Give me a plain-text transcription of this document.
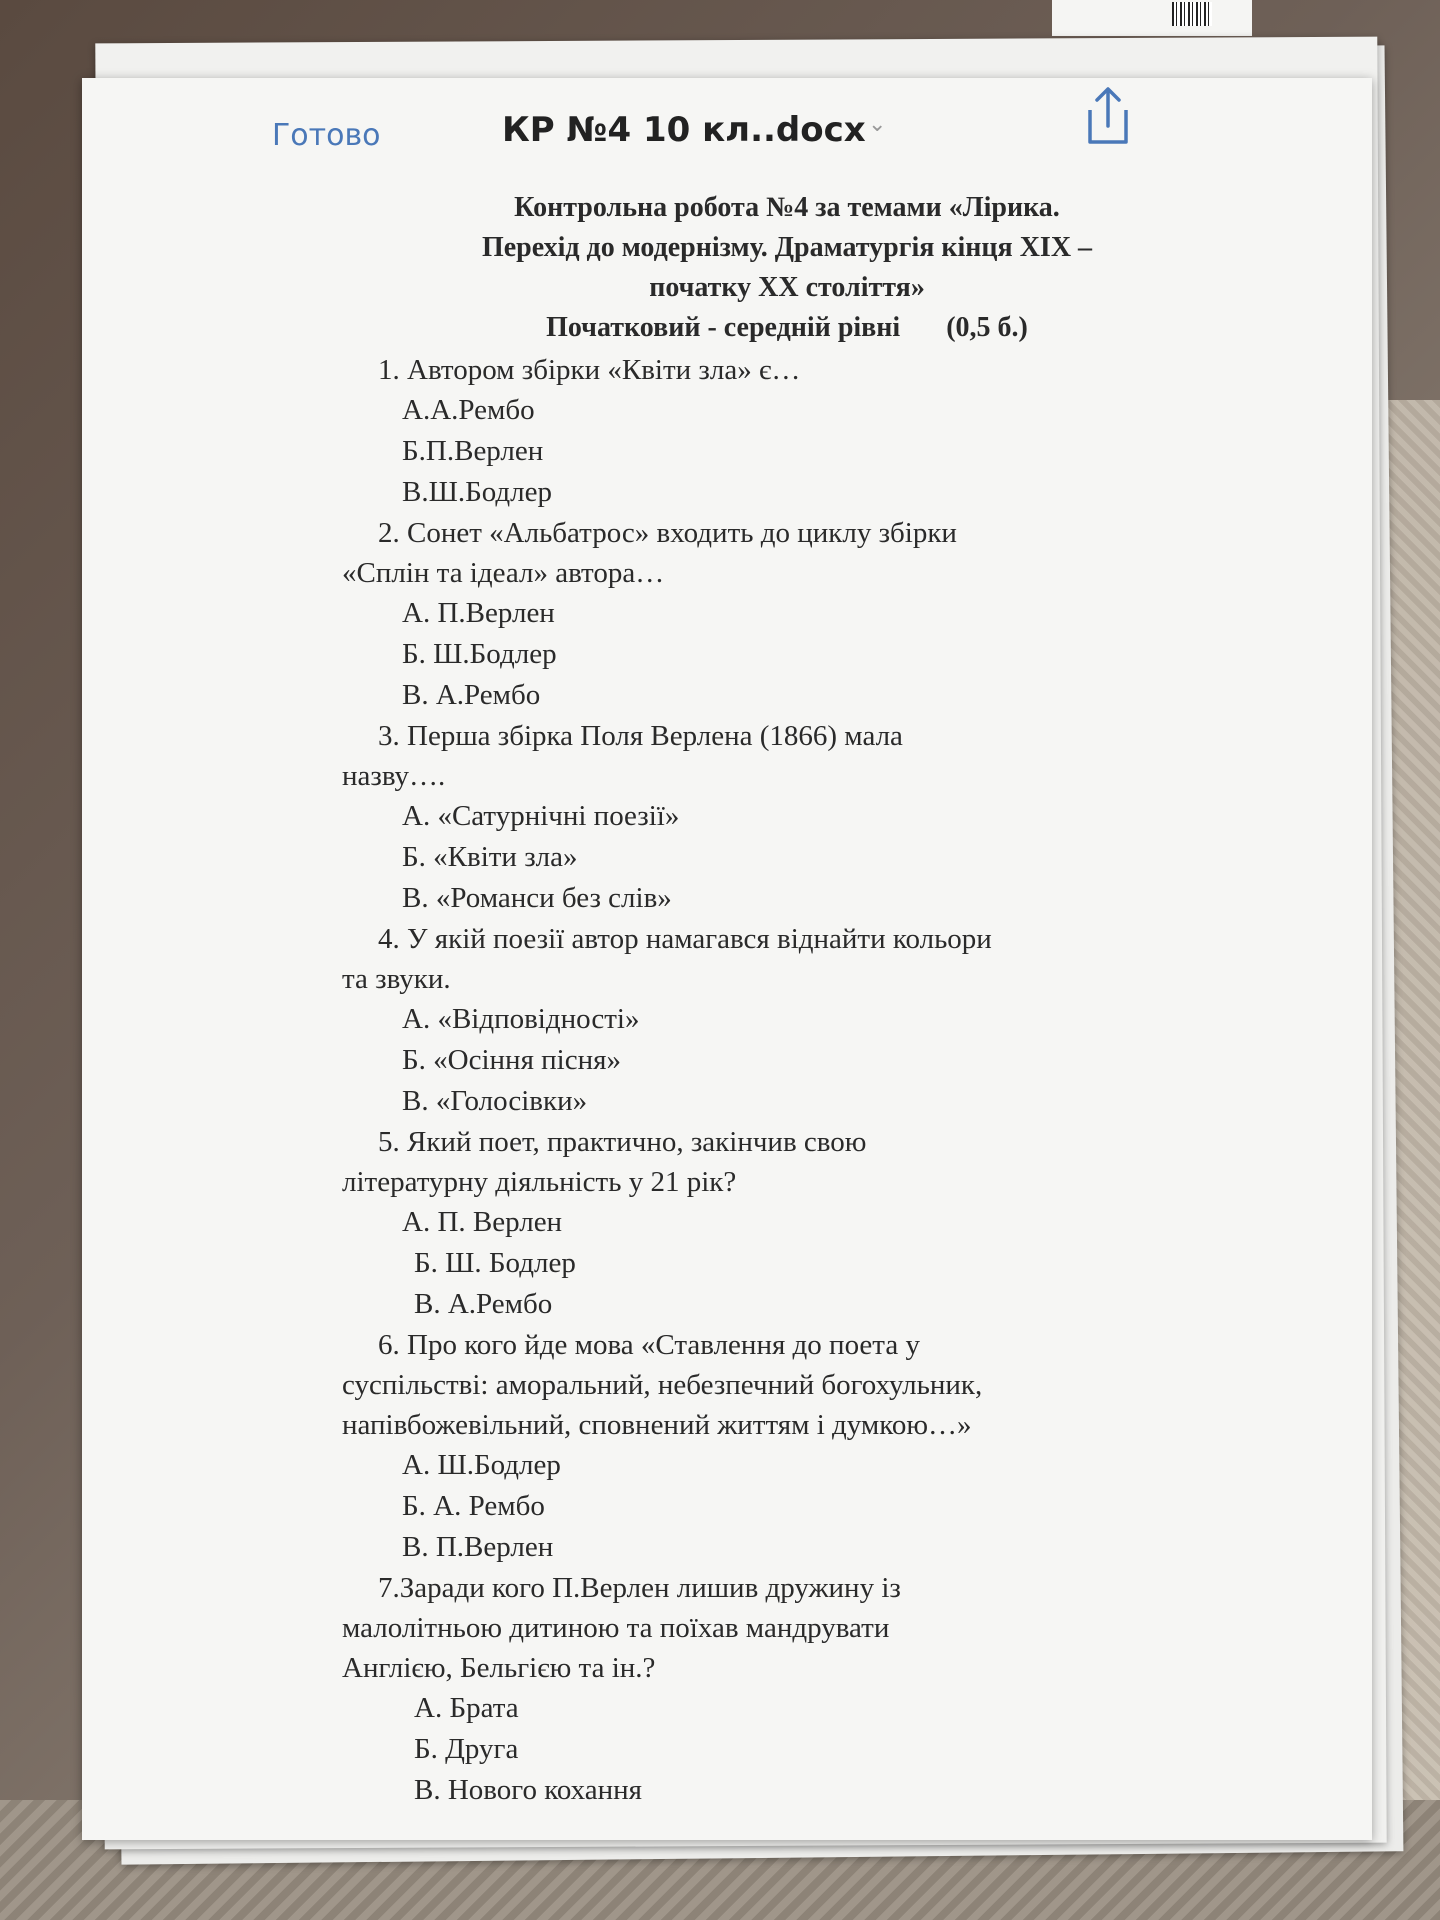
Готово	КР №4 10 кл..docx ⌄

Контрольна робота №4 за темами «Лірика.

Перехід до модернізму. Драматургія кінця XIX –

початку XX століття»

Початковий - середній рівні (0,5 б.)

1. Автором збірки «Квіти зла» є…

А.А.Рембо

Б.П.Верлен

В.Ш.Бодлер

2. Сонет «Альбатрос» входить до циклу збірки

«Сплін та ідеал» автора…

А. П.Верлен

Б. Ш.Бодлер

В. А.Рембо

3. Перша збірка Поля Верлена (1866) мала

назву….

А. «Сатурнічні поезії»

Б. «Квіти зла»

В. «Романси без слів»

4. У якій поезії автор намагався віднайти кольори

та звуки.

А. «Відповідності»

Б. «Осіння пісня»

В. «Голосівки»

5. Який поет, практично, закінчив свою

літературну діяльність у 21 рік?

А. П. Верлен

Б. Ш. Бодлер

В. А.Рембо

6. Про кого йде мова «Ставлення до поета у

суспільстві: аморальний, небезпечний богохульник,

напівбожевільний, сповнений життям і думкою…»

А. Ш.Бодлер

Б. А. Рембо

В. П.Верлен

7.Заради кого П.Верлен лишив дружину із

малолітньою дитиною та поїхав мандрувати

Англією, Бельгією та ін.?

А. Брата

Б. Друга

В. Нового кохання
